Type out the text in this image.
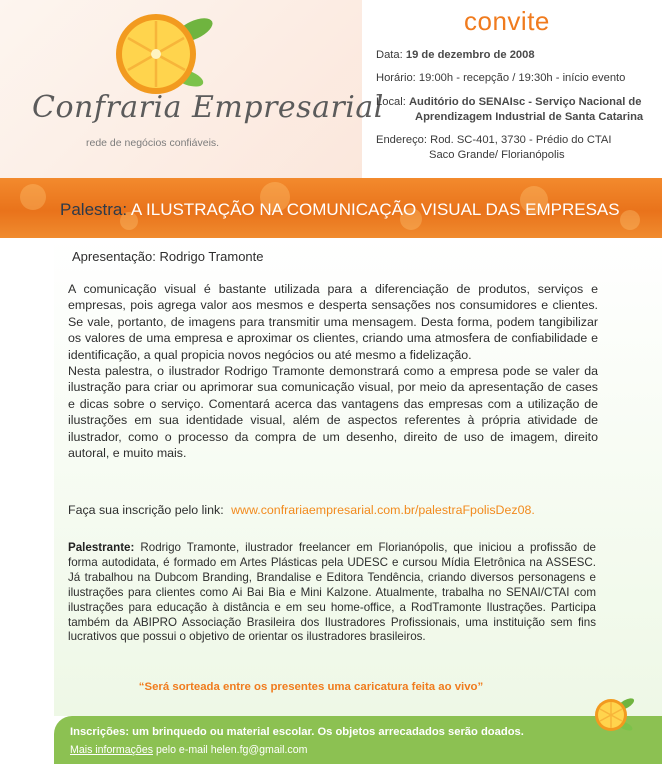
Confraria Empresarial
rede de negócios confiáveis.
convite
Data: 19 de dezembro de 2008
Horário: 19:00h - recepção / 19:30h - início evento
Local: Auditório do SENAIsc - Serviço Nacional de
Aprendizagem Industrial de Santa Catarina
Endereço: Rod. SC-401, 3730 - Prédio do CTAI
Saco Grande/ Florianópolis
Palestra: A ILUSTRAÇÃO NA COMUNICAÇÃO VISUAL DAS EMPRESAS
Apresentação: Rodrigo Tramonte

A comunicação visual é bastante utilizada para a diferenciação de produtos, serviços e empresas, pois agrega valor aos mesmos e desperta sensações nos consumidores e clientes. Se vale, portanto, de imagens para transmitir uma mensagem. Desta forma, podem tangibilizar os valores de uma empresa e aproximar os clientes, criando uma atmosfera de confiabilidade e identificação, a qual propicia novos negócios ou até mesmo a fidelização.

Nesta palestra, o ilustrador Rodrigo Tramonte demonstrará como a empresa pode se valer da ilustração para criar ou aprimorar sua comunicação visual, por meio da apresentação de cases e dicas sobre o serviço. Comentará acerca das vantagens das empresas com a utilização de ilustrações em sua identidade visual, além de aspectos referentes à própria atividade de ilustrador, como o processo da compra de um desenho, direito de uso de imagem, direito autoral, e muito mais.

Faça sua inscrição pelo link: www.confrariaempresarial.com.br/palestraFpolisDez08.
Palestrante: Rodrigo Tramonte, ilustrador freelancer em Florianópolis, que iniciou a profissão de forma autodidata, é formado em Artes Plásticas pela UDESC e cursou Mídia Eletrônica na ASSESC. Já trabalhou na Dubcom Branding, Brandalise e Editora Tendência, criando diversos personagens e ilustrações para clientes como Ai Bai Bia e Mini Kalzone. Atualmente, trabalha no SENAI/CTAI com ilustrações para educação à distância e em seu home-office, a RodTramonte Ilustrações. Participa também da ABIPRO Associação Brasileira dos Ilustradores Profissionais, uma instituição sem fins lucrativos que possui o objetivo de orientar os ilustradores brasileiros.
“Será sorteada entre os presentes uma caricatura feita ao vivo”
Inscrições: um brinquedo ou material escolar. Os objetos arrecadados serão doados.
Mais informações pelo e-mail helen.fg@gmail.com
